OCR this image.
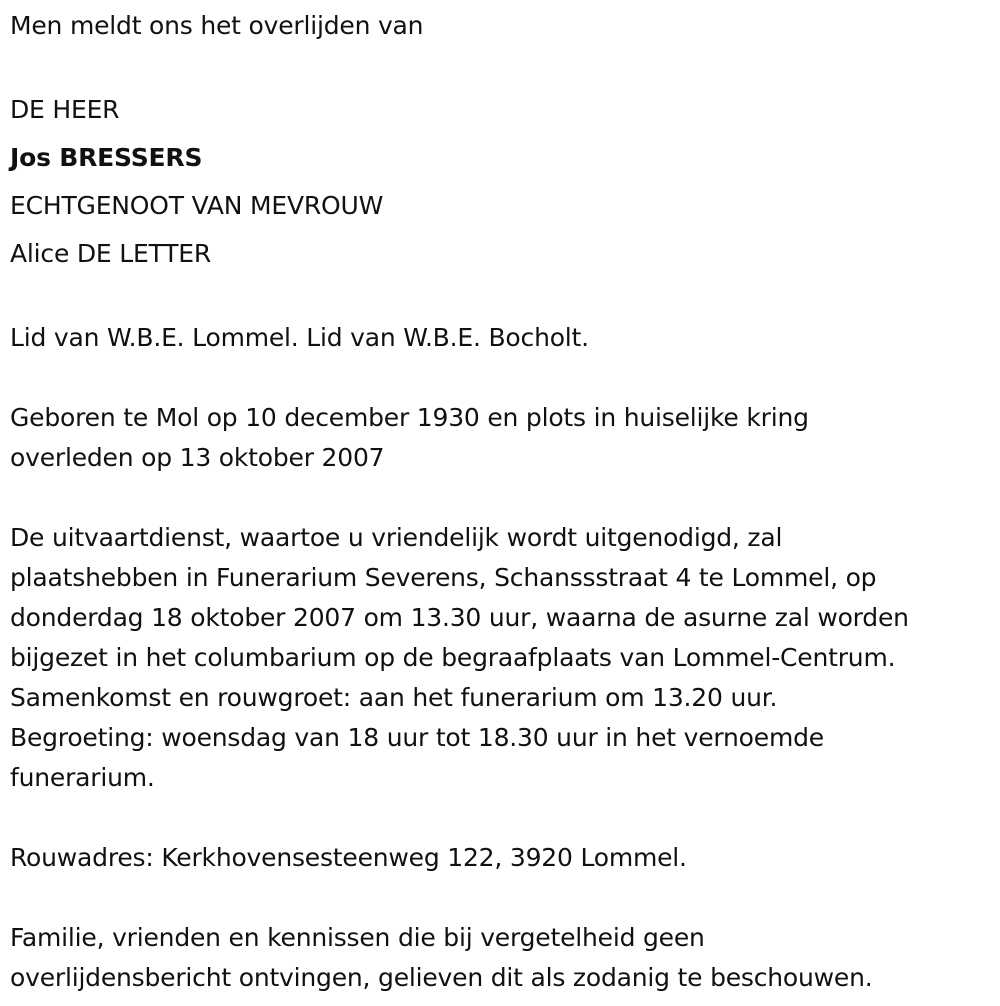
Men meldt ons het overlijden van

DE HEER

Jos BRESSERS

ECHTGENOOT VAN MEVROUW

Alice DE LETTER

Lid van W.B.E. Lommel. Lid van W.B.E. Bocholt.

Geboren te Mol op 10 december 1930 en plots in huiselijke kring

overleden op 13 oktober 2007

De uitvaartdienst, waartoe u vriendelijk wordt uitgenodigd, zal

plaatshebben in Funerarium Severens, Schanssstraat 4 te Lommel, op

donderdag 18 oktober 2007 om 13.30 uur, waarna de asurne zal worden

bijgezet in het columbarium op de begraafplaats van Lommel-Centrum.

Samenkomst en rouwgroet: aan het funerarium om 13.20 uur.

Begroeting: woensdag van 18 uur tot 18.30 uur in het vernoemde

funerarium.

Rouwadres: Kerkhovensesteenweg 122, 3920 Lommel.

Familie, vrienden en kennissen die bij vergetelheid geen

overlijdensbericht ontvingen, gelieven dit als zodanig te beschouwen.
